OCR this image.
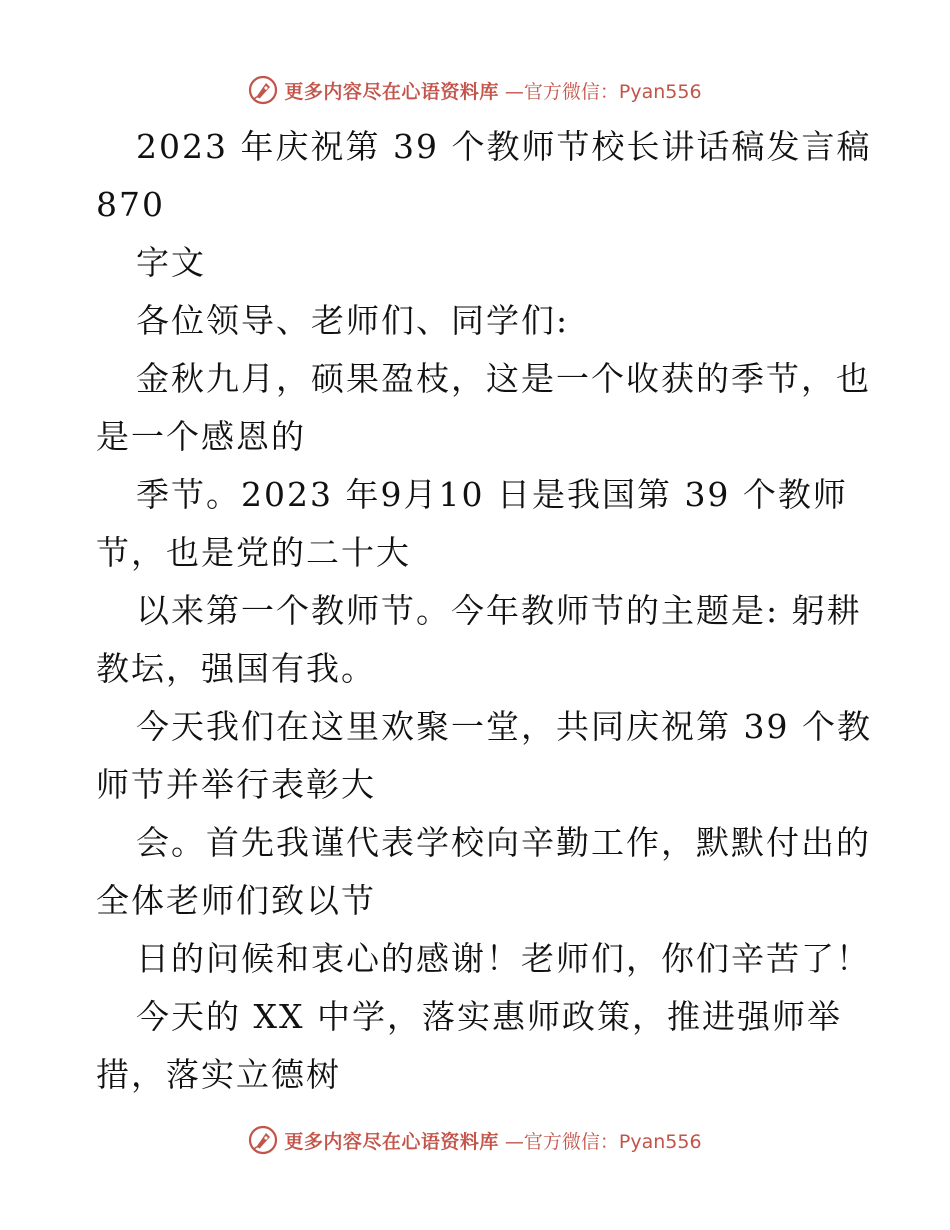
更多内容尽在心语资料库 —官方微信：Pyan556
2023 年庆祝第 39 个教师节校长讲话稿发言稿
870
字文
各位领导、老师们、同学们:
金秋九月，硕果盈枝，这是一个收获的季节，也
是一个感恩的
季节。2023 年9月10 日是我国第 39 个教师
节，也是党的二十大
以来第一个教师节。今年教师节的主题是: 躬耕
教坛，强国有我。
今天我们在这里欢聚一堂，共同庆祝第 39 个教
师节并举行表彰大
会。首先我谨代表学校向辛勤工作，默默付出的
全体老师们致以节
日的问候和衷心的感谢！老师们，你们辛苦了！
今天的 XX 中学，落实惠师政策，推进强师举
措，落实立德树
更多内容尽在心语资料库 —官方微信：Pyan556
